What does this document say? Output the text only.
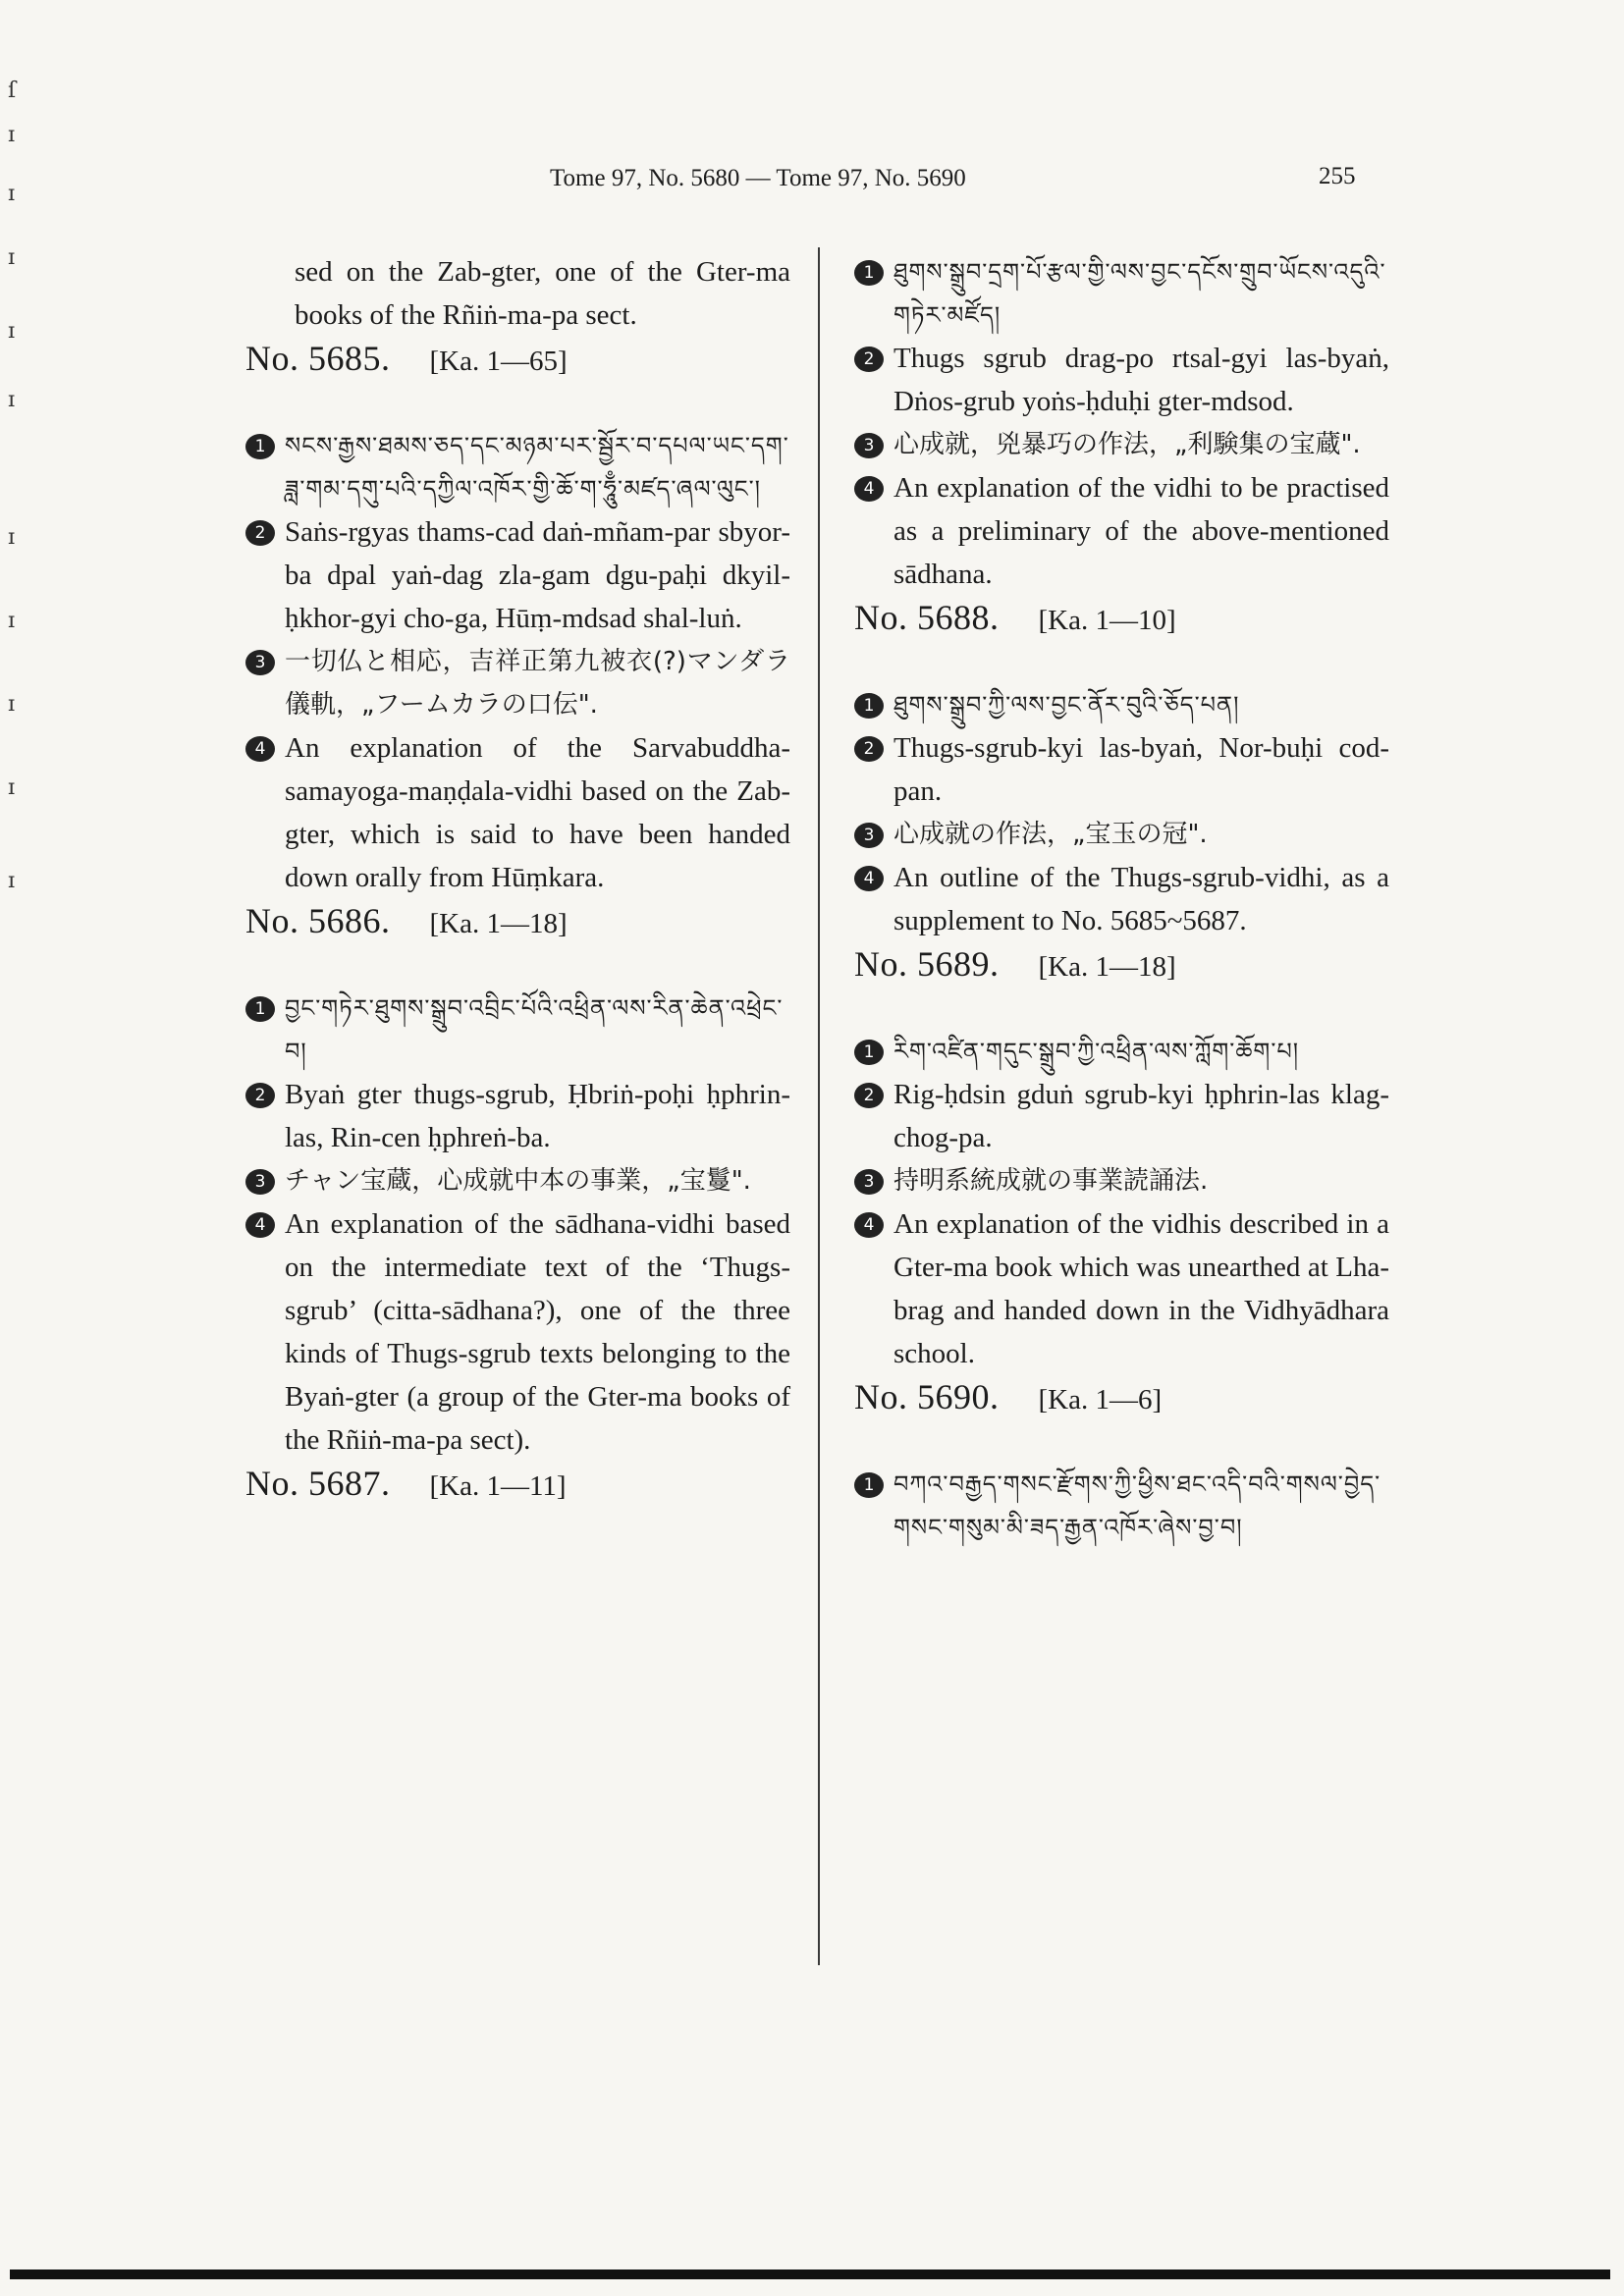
ſ
ɪ
ɪ
ɪ
ɪ
ɪ
ɪ
ɪ
ɪ
ɪ
ɪ
Tome 97, No. 5680 — Tome 97, No. 5690	255

sed on the Zab-gter, one of the Gter-ma books of the Rñiṅ-ma-pa sect.

No. 5685. [Ka. 1—65]
1 སངས་རྒྱས་ཐམས་ཅད་དང་མཉམ་པར་སྦྱོར་བ་དཔལ་ཡང་དག་ཟླ་གམ་དགུ་པའི་དཀྱིལ་འཁོར་གྱི་ཆོ་ག་ཧཱུྃ་མཛད་ཞལ་ལུང་།
2 Saṅs-rgyas thams-cad daṅ-mñam-par sbyor-ba dpal yaṅ-dag zla-gam dgu-paḥi dkyil-ḥkhor-gyi cho-ga, Hūṃ-mdsad shal-luṅ.
3 一切仏と相応，吉祥正第九被衣(?)マンダラ儀軌，„フームカラの口伝".
4 An explanation of the Sarvabuddha-samayoga-maṇḍala-vidhi based on the Zab-gter, which is said to have been handed down orally from Hūṃkara.
No. 5686. [Ka. 1—18]
1 བྱང་གཏེར་ཐུགས་སྒྲུབ་འབྲིང་པོའི་འཕྲིན་ལས་རིན་ཆེན་འཕྲེང་བ།
2 Byaṅ gter thugs-sgrub, Ḥbriṅ-poḥi ḥphrin-las, Rin-cen ḥphreṅ-ba.
3 チャン宝蔵，心成就中本の事業，„宝鬘".
4 An explanation of the sādhana-vidhi based on the intermediate text of the ‘Thugs-sgrub’ (citta-sādhana?), one of the three kinds of Thugs-sgrub texts belonging to the Byaṅ-gter (a group of the Gter-ma books of the Rñiṅ-ma-pa sect).
No. 5687. [Ka. 1—11]
1 ཐུགས་སྒྲུབ་དྲག་པོ་རྩལ་གྱི་ལས་བྱང་དངོས་གྲུབ་ཡོངས་འདུའི་གཏེར་མཛོད།
2 Thugs sgrub drag-po rtsal-gyi las-byaṅ, Dṅos-grub yoṅs-ḥduḥi gter-mdsod.
3 心成就，兇暴巧の作法，„利験集の宝蔵".
4 An explanation of the vidhi to be practised as a preliminary of the above-mentioned sādhana.
No. 5688. [Ka. 1—10]
1 ཐུགས་སྒྲུབ་ཀྱི་ལས་བྱང་ནོར་བུའི་ཅོད་པན།
2 Thugs-sgrub-kyi las-byaṅ, Nor-buḥi cod-pan.
3 心成就の作法，„宝玉の冠".
4 An outline of the Thugs-sgrub-vidhi, as a supplement to No. 5685~5687.
No. 5689. [Ka. 1—18]
1 རིག་འཛིན་གདུང་སྒྲུབ་ཀྱི་འཕྲིན་ལས་ཀློག་ཆོག་པ།
2 Rig-ḥdsin gduṅ sgrub-kyi ḥphrin-las klag-chog-pa.
3 持明系統成就の事業読誦法.
4 An explanation of the vidhis described in a Gter-ma book which was unearthed at Lha-brag and handed down in the Vidhyādhara school.
No. 5690. [Ka. 1—6]
1 བཀའ་བརྒྱད་གསང་རྫོགས་ཀྱི་ཕྱིས་ཐང་འདི་བའི་གསལ་བྱེད་གསང་གསུམ་མི་ཟད་རྒྱན་འཁོར་ཞེས་བྱ་བ།
